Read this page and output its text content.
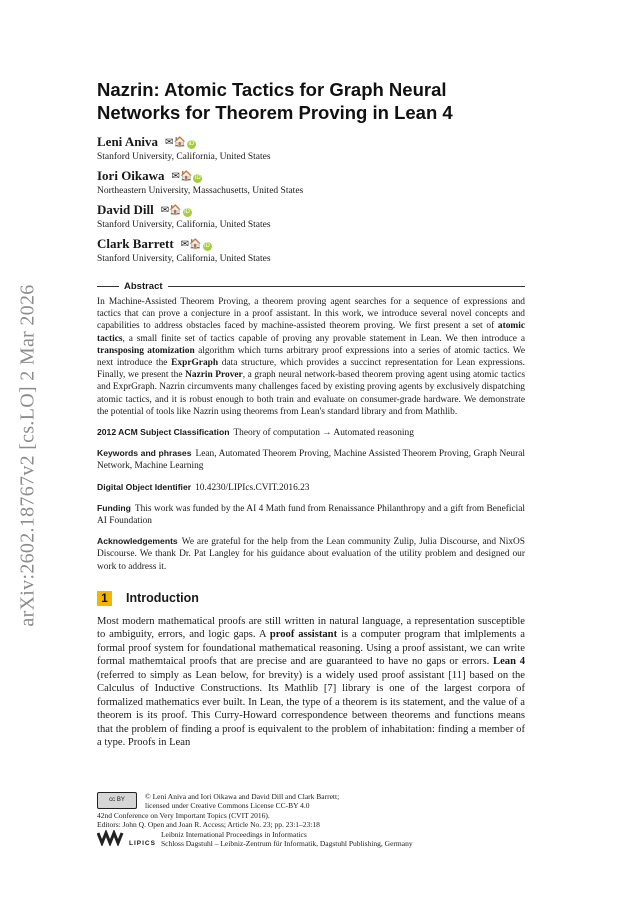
arXiv:2602.18767v2 [cs.LO] 2 Mar 2026
Nazrin: Atomic Tactics for Graph Neural Networks for Theorem Proving in Lean 4
Leni Aniva ✉🏠 iD
Stanford University, California, United States
Iori Oikawa ✉🏠 iD
Northeastern University, Massachusetts, United States
David Dill ✉🏠 iD
Stanford University, California, United States
Clark Barrett ✉🏠 iD
Stanford University, California, United States
Abstract

In Machine-Assisted Theorem Proving, a theorem proving agent searches for a sequence of expressions and tactics that can prove a conjecture in a proof assistant. In this work, we introduce several novel concepts and capabilities to address obstacles faced by machine-assisted theorem proving. We first present a set of atomic tactics, a small finite set of tactics capable of proving any provable statement in Lean. We then introduce a transposing atomization algorithm which turns arbitrary proof expressions into a series of atomic tactics. We next introduce the ExprGraph data structure, which provides a succinct representation for Lean expressions. Finally, we present the Nazrin Prover, a graph neural network-based theorem proving agent using atomic tactics and ExprGraph. Nazrin circumvents many challenges faced by existing proving agents by exclusively dispatching atomic tactics, and it is robust enough to both train and evaluate on consumer-grade hardware. We demonstrate the potential of tools like Nazrin using theorems from Lean's standard library and from Mathlib.

2012 ACM Subject Classification Theory of computation → Automated reasoning
Keywords and phrases Lean, Automated Theorem Proving, Machine Assisted Theorem Proving, Graph Neural Network, Machine Learning
Digital Object Identifier 10.4230/LIPIcs.CVIT.2016.23
Funding This work was funded by the AI 4 Math fund from Renaissance Philanthropy and a gift from Beneficial AI Foundation
Acknowledgements We are grateful for the help from the Lean community Zulip, Julia Discourse, and NixOS Discourse. We thank Dr. Pat Langley for his guidance about evaluation of the utility problem and designed our work to address it.
1	Introduction

Most modern mathematical proofs are still written in natural language, a representation susceptible to ambiguity, errors, and logic gaps. A proof assistant is a computer program that imlplements a formal proof system for foundational mathematical reasoning. Using a proof assistant, we can write formal mathemtaical proofs that are precise and are guaranteed to have no gaps or errors. Lean 4 (referred to simply as Lean below, for brevity) is a widely used proof assistant [11] based on the Calculus of Inductive Constructions. Its Mathlib [7] library is one of the largest corpora of formalized mathematics ever built. In Lean, the type of a theorem is its statement, and the value of a theorem is its proof. This Curry-Howard correspondence between theorems and functions means that the problem of finding a proof is equivalent to the problem of inhabitation: finding a member of a type. Proofs in Lean

cc BY	© Leni Aniva and Iori Oikawa and David Dill and Clark Barrett;
licensed under Creative Commons License CC-BY 4.0
42nd Conference on Very Important Topics (CVIT 2016).
Editors: John Q. Open and Joan R. Access; Article No. 23; pp. 23:1–23:18
LIPICS
Leibniz International Proceedings in Informatics
Schloss Dagstuhl – Leibniz-Zentrum für Informatik, Dagstuhl Publishing, Germany
